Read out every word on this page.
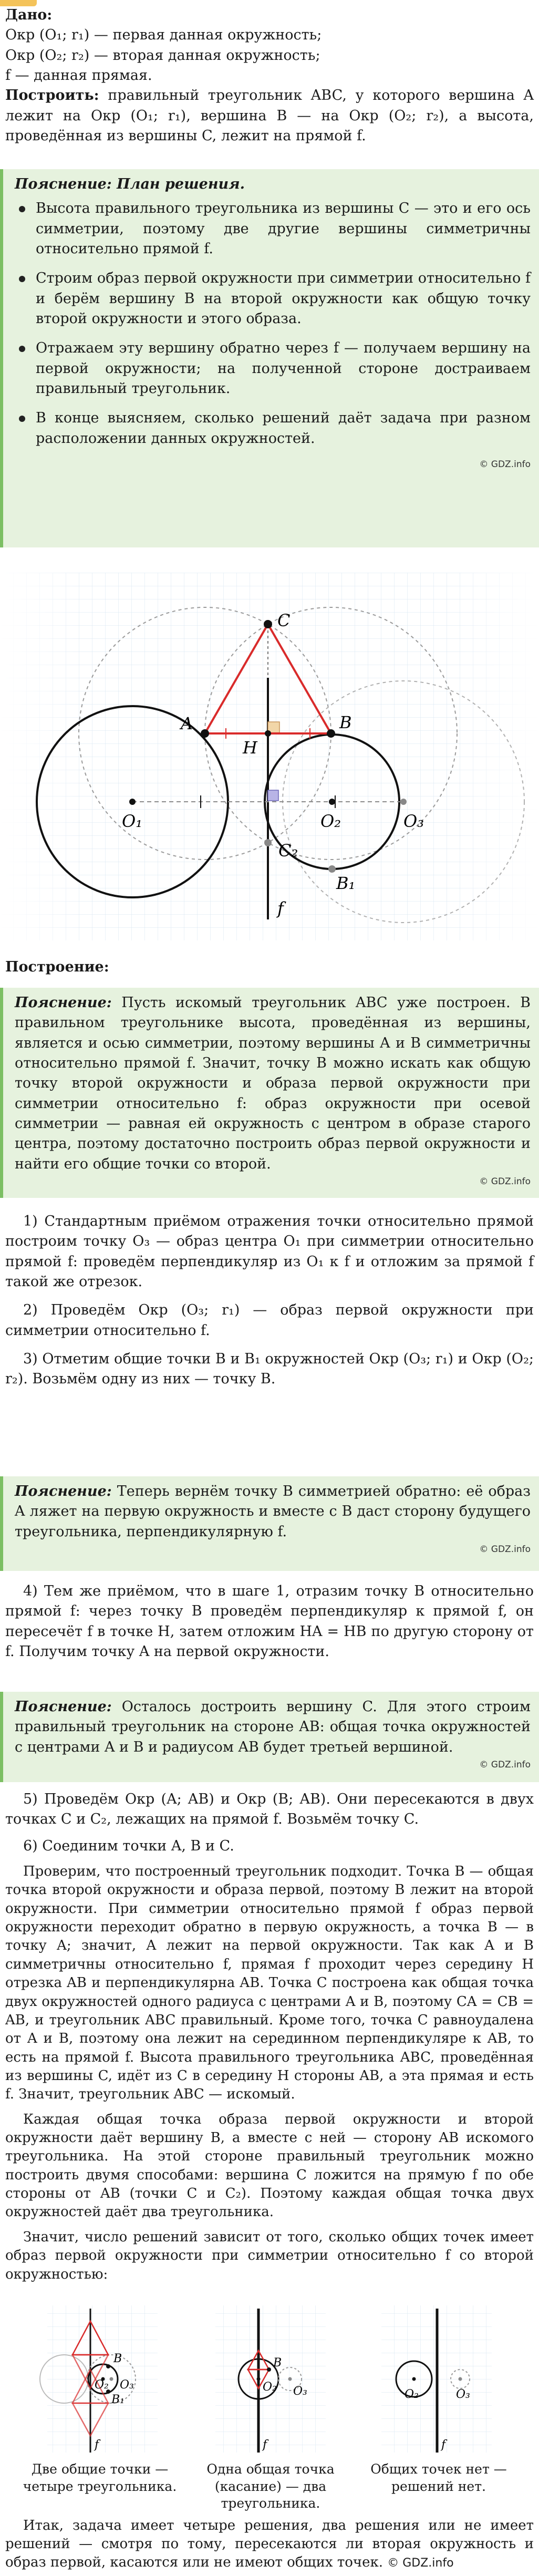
Дано:
Окр (O₁; r₁) — первая данная окружность;
Окр (O₂; r₂) — вторая данная окружность;
f — данная прямая.

Построить: правильный треугольник ABC, у которого вершина A лежит на Окр (O₁; r₁), вершина B — на Окр (O₂; r₂), а высота, проведённая из вершины C, лежит на прямой f.

Пояснение: План решения.
Высота правильного треугольника из вершины C — это и его ось симметрии, поэтому две другие вершины симметричны относительно прямой f.
Строим образ первой окружности при симметрии относительно f и берём вершину B на второй окружности как общую точку второй окружности и этого образа.
Отражаем эту вершину обратно через f — получаем вершину на первой окружности; на полученной стороне достраиваем правильный треугольник.
В конце выясняем, сколько решений даёт задача при разном расположении данных окружностей.
© GDZ.info
C
A	B
H
O₁	O₂	O₃
C₂
B₁
f
Построение:

Пояснение: Пусть искомый треугольник ABC уже построен. В правильном треугольнике высота, проведённая из вершины, является и осью симметрии, поэтому вершины A и B симметричны относительно прямой f. Значит, точку B можно искать как общую точку второй окружности и образа первой окружности при симметрии относительно f: образ окружности при осевой симметрии — равная ей окружность с центром в образе старого центра, поэтому достаточно построить образ первой окружности и найти его общие точки со второй.

© GDZ.info

1) Стандартным приёмом отражения точки относительно прямой построим точку O₃ — образ центра O₁ при симметрии относительно прямой f: проведём перпендикуляр из O₁ к f и отложим за прямой f такой же отрезок.

2) Проведём Окр (O₃; r₁) — образ первой окружности при симметрии относительно f.

3) Отметим общие точки B и B₁ окружностей Окр (O₃; r₁) и Окр (O₂; r₂). Возьмём одну из них — точку B.

Пояснение: Теперь вернём точку B симметрией обратно: её образ A ляжет на первую окружность и вместе с B даст сторону будущего треугольника, перпендикулярную f.

© GDZ.info

4) Тем же приёмом, что в шаге 1, отразим точку B относительно прямой f: через точку B проведём перпендикуляр к прямой f, он пересечёт f в точке H, затем отложим HA = HB по другую сторону от f. Получим точку A на первой окружности.

Пояснение: Осталось достроить вершину C. Для этого строим правильный треугольник на стороне AB: общая точка окружностей с центрами A и B и радиусом AB будет третьей вершиной.

© GDZ.info

5) Проведём Окр (A; AB) и Окр (B; AB). Они пересекаются в двух точках C и C₂, лежащих на прямой f. Возьмём точку C.

6) Соединим точки A, B и C.

Проверим, что построенный треугольник подходит. Точка B — общая точка второй окружности и образа первой, поэтому B лежит на второй окружности. При симметрии относительно прямой f образ первой окружности переходит обратно в первую окружность, а точка B — в точку A; значит, A лежит на первой окружности. Так как A и B симметричны относительно f, прямая f проходит через середину H отрезка AB и перпендикулярна AB. Точка C построена как общая точка двух окружностей одного радиуса с центрами A и B, поэтому CA = CB = AB, и треугольник ABC правильный. Кроме того, точка C равноудалена от A и B, поэтому она лежит на серединном перпендикуляре к AB, то есть на прямой f. Высота правильного треугольника ABC, проведённая из вершины C, идёт из C в середину H стороны AB, а эта прямая и есть f. Значит, треугольник ABC — искомый.

Каждая общая точка образа первой окружности и второй окружности даёт вершину B, а вместе с ней — сторону AB искомого треугольника. На этой стороне правильный треугольник можно построить двумя способами: вершина C ложится на прямую f по обе стороны от AB (точки C и C₂). Поэтому каждая общая точка двух окружностей даёт два треугольника.

Значит, число решений зависит от того, сколько общих точек имеет образ первой окружности при симметрии относительно f со второй окружностью:

B
O₂ O₃
B₁
f
B
O₂ O₃
f
O₂	O₃
f
Две общие точки — четыре треугольника.
Одна общая точка (касание) — два треугольника.
Общих точек нет — решений нет.

Итак, задача имеет четыре решения, два решения или не имеет решений — смотря по тому, пересекаются ли вторая окружность и образ первой, касаются или не имеют общих точек. © GDZ.info
